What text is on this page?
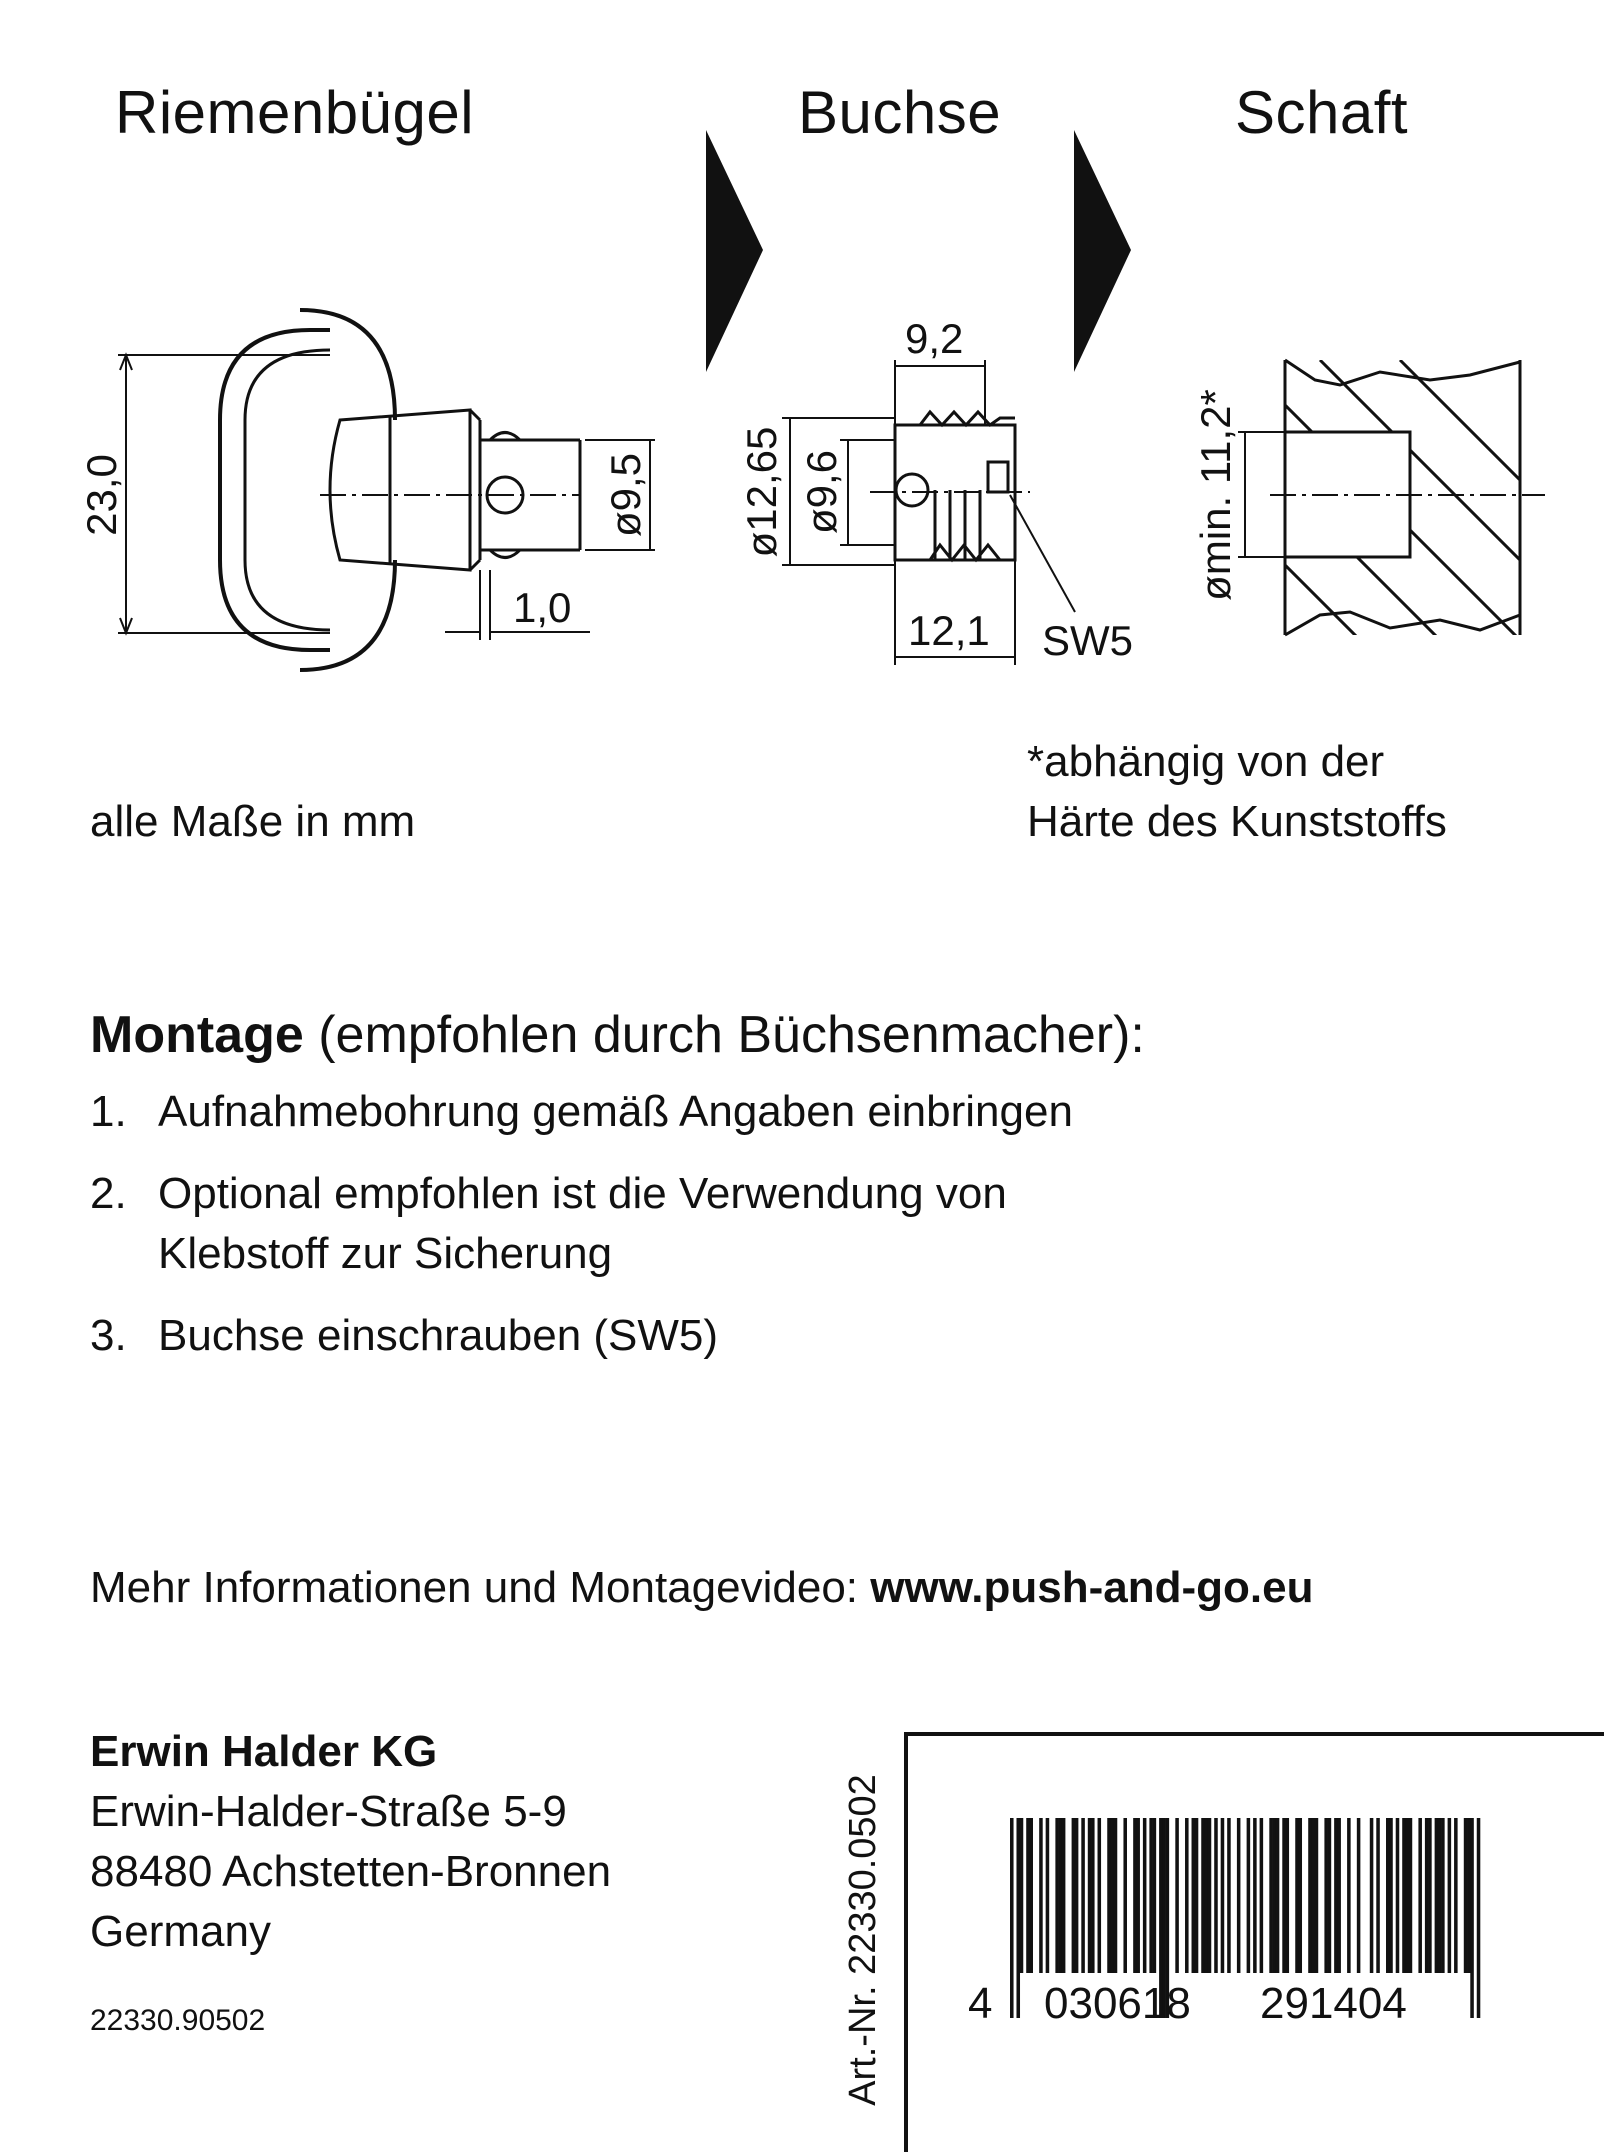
Riemenbügel	Buchse	Schaft
23,0	ø9,5
1,0
9,2
ø12,65 ø9,6
12,1 SW5
ømin. 11,2*
alle Maße in mm
*abhängig von der
Härte des Kunststoffs
Montage (empfohlen durch Büchsenmacher):
1. Aufnahmebohrung gemäß Angaben einbringen
2. Optional empfohlen ist die Verwendung von
Klebstoff zur Sicherung
3. Buchse einschrauben (SW5)
Mehr Informationen und Montagevideo: www.push-and-go.eu
Erwin Halder KG
Erwin-Halder-Straße 5-9
88480 Achstetten-Bronnen
Germany
22330.90502	Art.-Nr. 22330.0502 4 030618 291404
